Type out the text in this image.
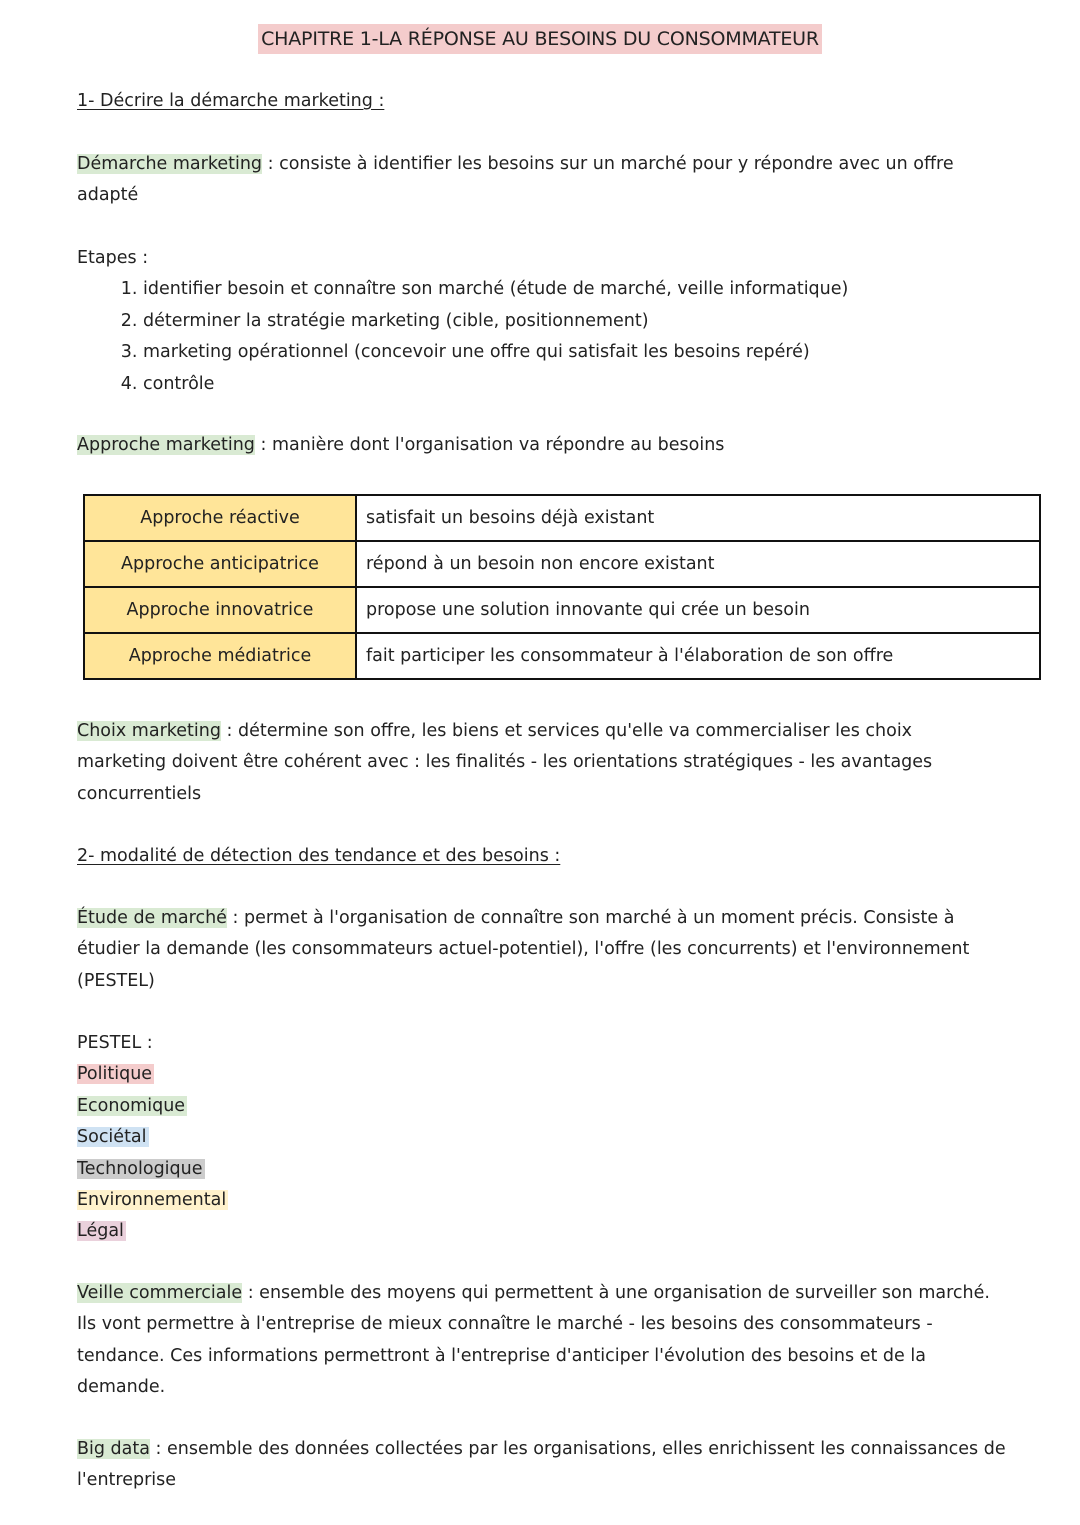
CHAPITRE 1-LA RÉPONSE AU BESOINS DU CONSOMMATEUR

1- Décrire la démarche marketing :

Démarche marketing : consiste à identifier les besoins sur un marché pour y répondre avec un offre adapté

Etapes :

1. identifier besoin et connaître son marché (étude de marché, veille informatique)
2. déterminer la stratégie marketing (cible, positionnement)
3. marketing opérationnel (concevoir une offre qui satisfait les besoins repéré)
4. contrôle

Approche marketing : manière dont l'organisation va répondre au besoins

Approche réactive	satisfait un besoins déjà existant
Approche anticipatrice	répond à un besoin non encore existant
Approche innovatrice	propose une solution innovante qui crée un besoin
Approche médiatrice	fait participer les consommateur à l'élaboration de son offre

Choix marketing : détermine son offre, les biens et services qu'elle va commercialiser les choix marketing doivent être cohérent avec : les finalités - les orientations stratégiques - les avantages concurrentiels

2- modalité de détection des tendance et des besoins :

Étude de marché : permet à l'organisation de connaître son marché à un moment précis. Consiste à étudier la demande (les consommateurs actuel-potentiel), l'offre (les concurrents) et l'environnement (PESTEL)

PESTEL :

Politique
Economique
Sociétal
Technologique
Environnemental
Légal

Veille commerciale : ensemble des moyens qui permettent à une organisation de surveiller son marché. Ils vont permettre à l'entreprise de mieux connaître le marché - les besoins des consommateurs - tendance. Ces informations permettront à l'entreprise d'anticiper l'évolution des besoins et de la demande.

Big data : ensemble des données collectées par les organisations, elles enrichissent les connaissances de l'entreprise
